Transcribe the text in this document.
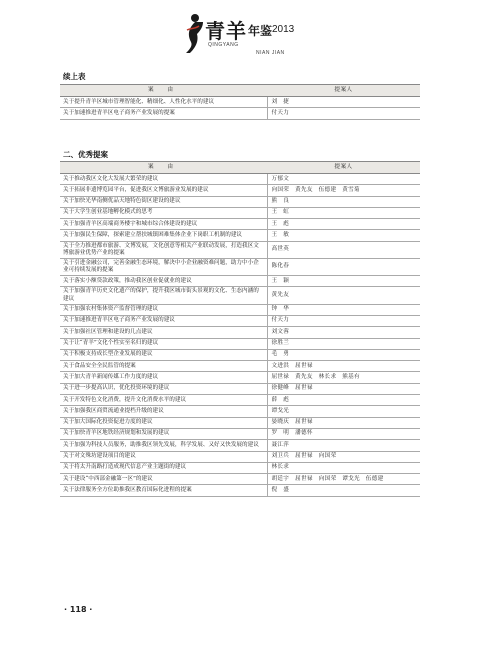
青羊 年鉴 2013
QINGYANG
NIAN JIAN
续上表
案 由	提案人
关于提升青羊区城市管理智能化、精细化、人性化水平的建议	刘　捷
关于加速推进青羊区电子商务产业发展的提案	付天力
二、优秀提案
案 由	提案人
关于推动我区文化大发展大繁荣的建议	万郁文
关于拓展非遗博览园平台，促进我区文博旅游业发展的建议	向国荣　黄先友　伍德建　黄雪菊
关于加快光华南侧优品天地特色街区建设的建议	熊　良
关于大学生创业基地孵化模式的思考	王　虹
关于加强青羊区高端商务楼宇和城市综合体建设的建议	王　彪
关于加强民生保障，探索建立帮扶城镇困难集体企业下岗职工机制的建议	王　敏
关于全力推进都市旅游、文博发展，文化创意等相关产业联动发展，打造我区文博旅游业优势产业的提案	高世英
关于引进金融公司，完善金融生态环境，解决中小企业融资难问题，助力中小企业可持续发展的提案	陈化春
关于落实小额贷款政策，推动我区创业促就业的建议	王　颖
关于加强青羊历史文化遗产的保护，提升我区城市街头景观的文化、生态内涵的建议	黄先友
关于加强农村集体资产监督管理的建议	钟　华
关于加速推进青羊区电子商务产业发展的建议	付天力
关于加强社区管理和建设的几点建议	刘文蓉
关于让“青羊”文化个性实至名归的建议	徐胜兰
关于积极支持成长型企业发展的建议	毛　勇
关于食品安全全民监管的提案	文进洪　屈世禄
关于加大青羊新闻传媒工作力度的建议	屈世禄　黄先友　林长求　熊基有
关于进一步提高认识，优化投资环境的建议	徐健峰　屈世禄
关于开发特色文化消费，提升文化消费水平的建议	薛　彪
关于加强我区商贸流通业提档升级的建议	谭戈光
关于加大国际化投资促进力度的建议	晏晓庆　屈世禄
关于加快青羊区地铁经济规划和发展的建议	罗　明　潘德怀
关于加强为科技人员服务，助推我区领先发展，科学发展、又好又快发展的建议	聂江萍
关于对文殊坊建设项目的建议	刘卫兵　屈世禄　向国荣
关于将太升南路打造成现代信息产业主题街的建议	林长求
关于建设“中西部金融第一区”的建议	胡廷宇　屈世禄　向国荣　谭戈光　伍德建
关于法律服务全方位助推我区教育国际化进程的提案	倪　盛
· 118 ·
